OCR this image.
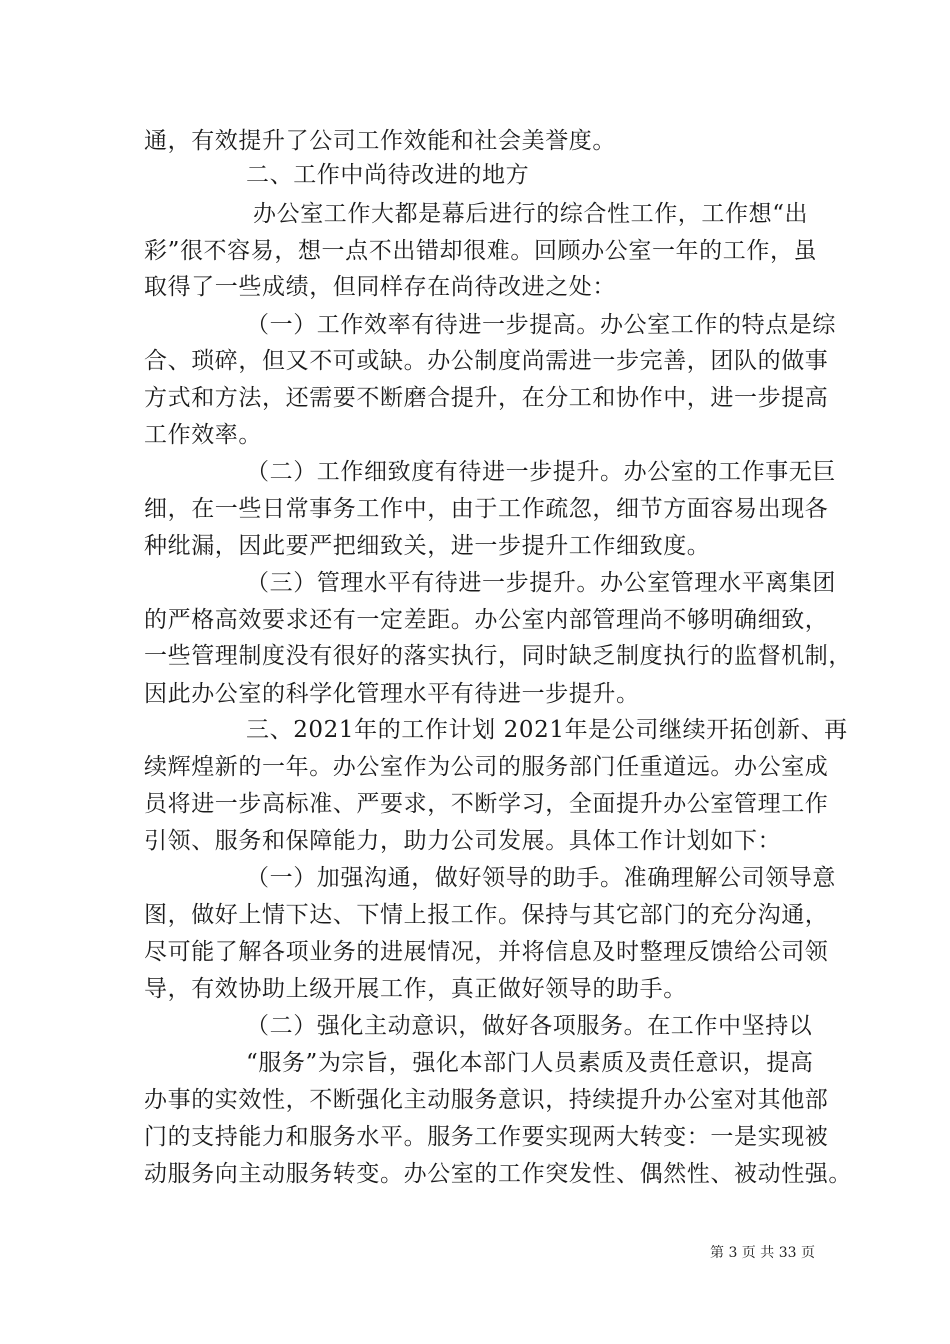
通，有效提升了公司工作效能和社会美誉度。
二、工作中尚待改进的地方
办公室工作大都是幕后进行的综合性工作，工作想“出
彩”很不容易，想一点不出错却很难。回顾办公室一年的工作，虽
取得了一些成绩，但同样存在尚待改进之处：
（一）工作效率有待进一步提高。办公室工作的特点是综
合、琐碎，但又不可或缺。办公制度尚需进一步完善，团队的做事
方式和方法，还需要不断磨合提升，在分工和协作中，进一步提高
工作效率。
（二）工作细致度有待进一步提升。办公室的工作事无巨
细，在一些日常事务工作中，由于工作疏忽，细节方面容易出现各
种纰漏，因此要严把细致关，进一步提升工作细致度。
（三）管理水平有待进一步提升。办公室管理水平离集团
的严格高效要求还有一定差距。办公室内部管理尚不够明确细致，
一些管理制度没有很好的落实执行，同时缺乏制度执行的监督机制，
因此办公室的科学化管理水平有待进一步提升。
三、2021年的工作计划 2021年是公司继续开拓创新、再
续辉煌新的一年。办公室作为公司的服务部门任重道远。办公室成
员将进一步高标准、严要求，不断学习，全面提升办公室管理工作
引领、服务和保障能力，助力公司发展。具体工作计划如下：
（一）加强沟通，做好领导的助手。准确理解公司领导意
图，做好上情下达、下情上报工作。保持与其它部门的充分沟通，
尽可能了解各项业务的进展情况，并将信息及时整理反馈给公司领
导，有效协助上级开展工作，真正做好领导的助手。
（二）强化主动意识，做好各项服务。在工作中坚持以
“服务”为宗旨，强化本部门人员素质及责任意识，提高
办事的实效性，不断强化主动服务意识，持续提升办公室对其他部
门的支持能力和服务水平。服务工作要实现两大转变：一是实现被
动服务向主动服务转变。办公室的工作突发性、偶然性、被动性强。
第 3 页 共 33 页
